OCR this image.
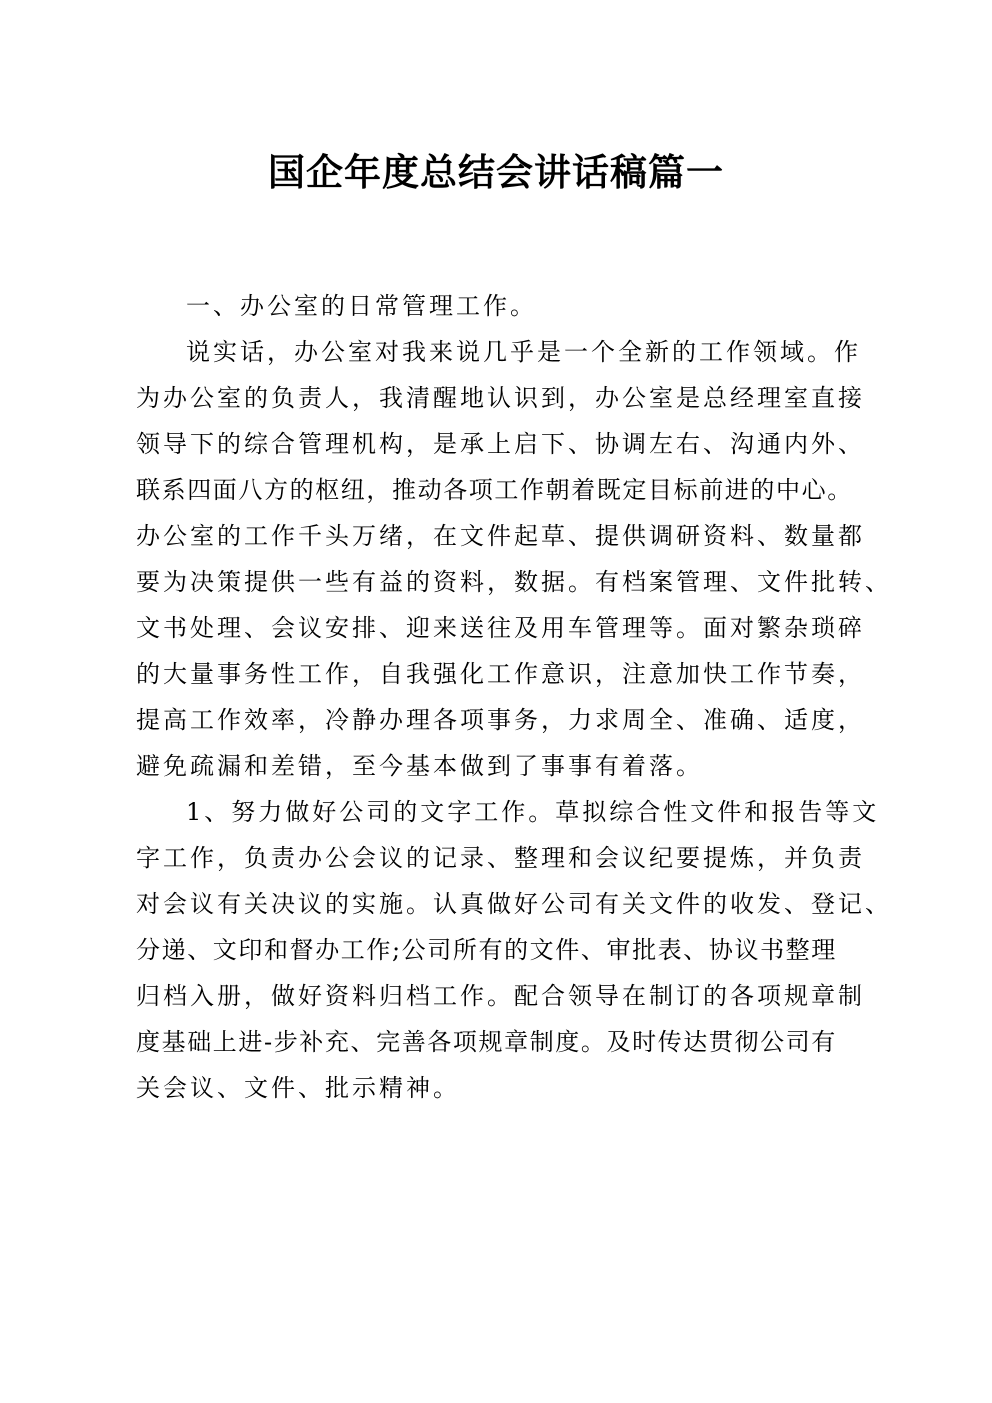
国企年度总结会讲话稿篇一

一、办公室的日常管理工作。

说实话，办公室对我来说几乎是一个全新的工作领域。作
为办公室的负责人，我清醒地认识到，办公室是总经理室直接
领导下的综合管理机构，是承上启下、协调左右、沟通内外、
联系四面八方的枢纽，推动各项工作朝着既定目标前进的中心。
办公室的工作千头万绪，在文件起草、提供调研资料、数量都
要为决策提供一些有益的资料，数据。有档案管理、文件批转、
文书处理、会议安排、迎来送往及用车管理等。面对繁杂琐碎
的大量事务性工作，自我强化工作意识，注意加快工作节奏，
提高工作效率，冷静办理各项事务，力求周全、准确、适度，
避免疏漏和差错，至今基本做到了事事有着落。

1、努力做好公司的文字工作。草拟综合性文件和报告等文
字工作，负责办公会议的记录、整理和会议纪要提炼，并负责
对会议有关决议的实施。认真做好公司有关文件的收发、登记、
分递、文印和督办工作;公司所有的文件、审批表、协议书整理
归档入册，做好资料归档工作。配合领导在制订的各项规章制
度基础上进-步补充、完善各项规章制度。及时传达贯彻公司有
关会议、文件、批示精神。
